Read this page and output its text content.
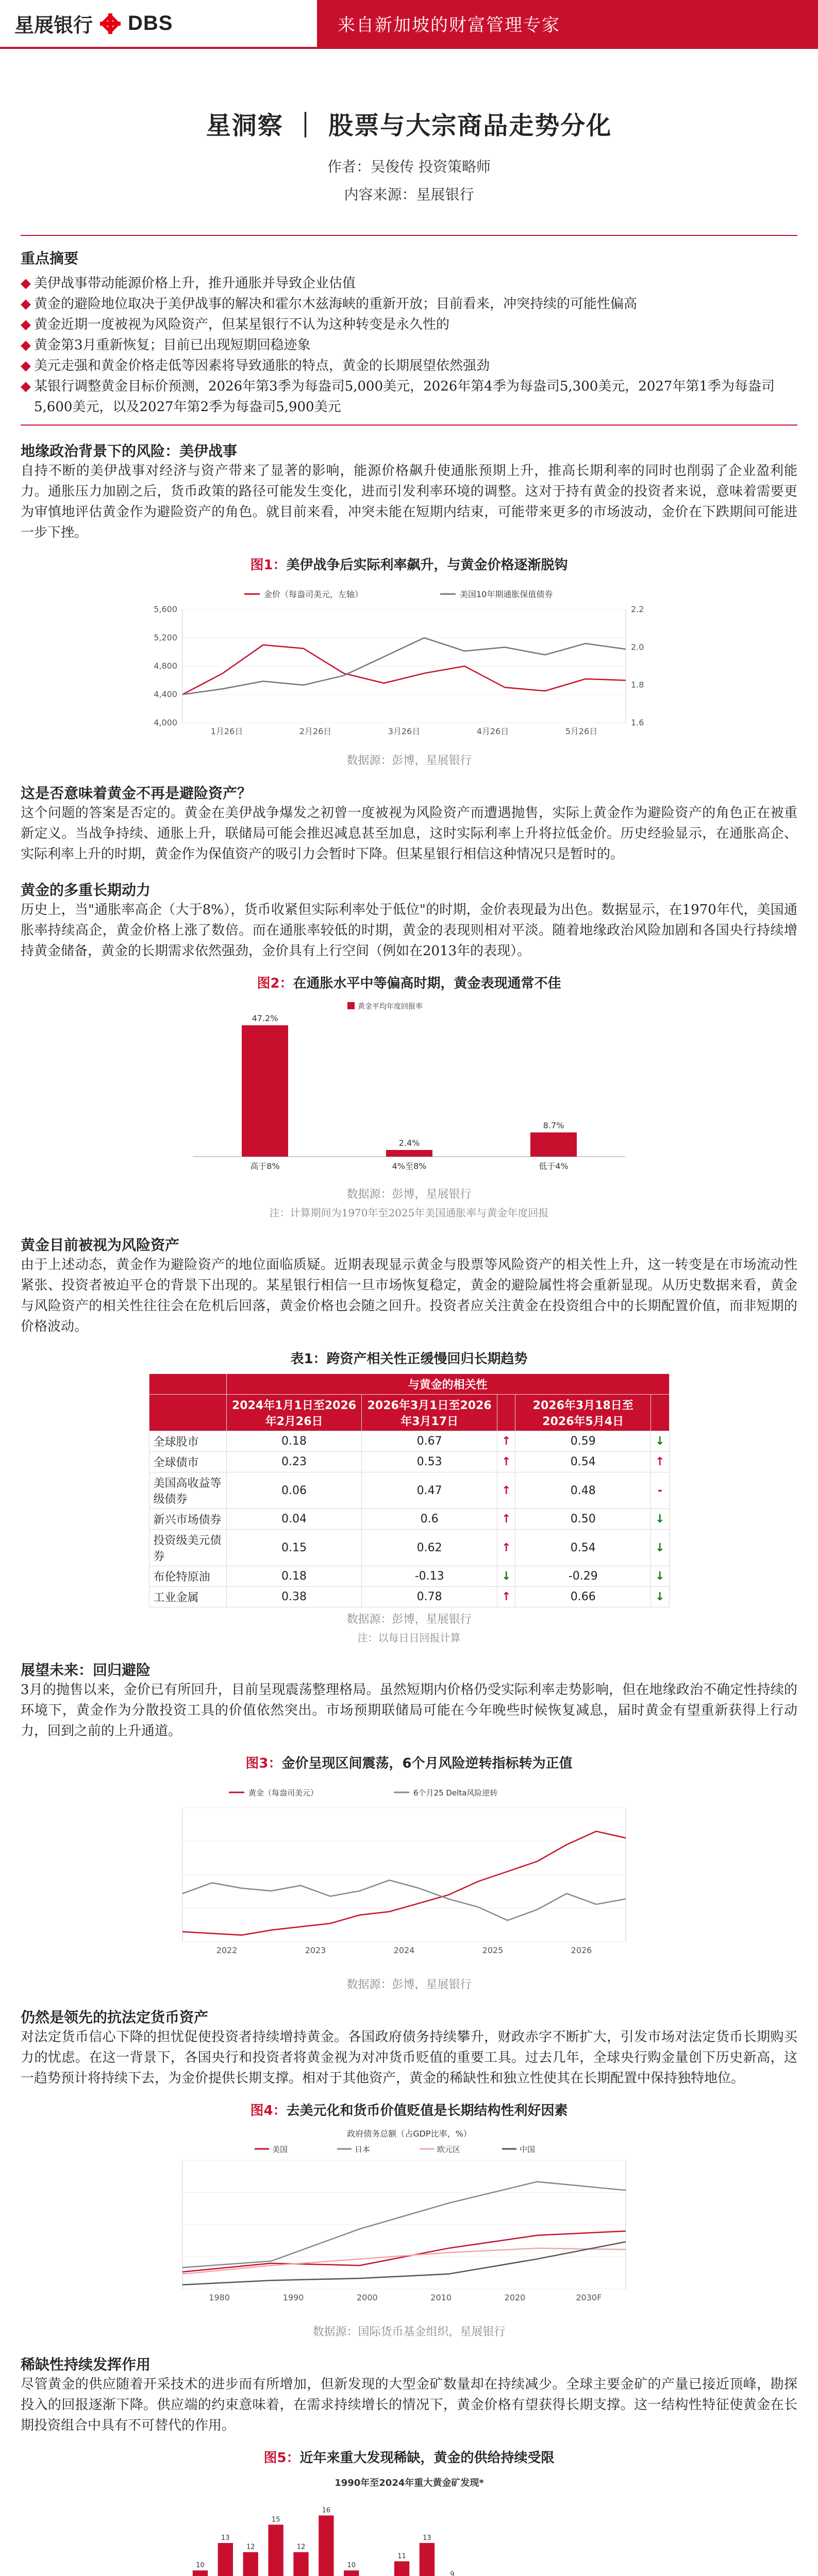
星展银行 DBS	来自新加坡的财富管理专家
星洞察 ｜ 股票与大宗商品走势分化
作者：吴俊传 投资策略师
内容来源：星展银行
重点摘要
◆ 美伊战事带动能源价格上升，推升通胀并导致企业估值
◆ 黄金的避险地位取决于美伊战事的解决和霍尔木兹海峡的重新开放；目前看来，冲突持续的可能性偏高
◆ 黄金近期一度被视为风险资产，但某星银行不认为这种转变是永久性的
◆ 黄金第3月重新恢复；目前已出现短期回稳迹象
◆ 美元走强和黄金价格走低等因素将导致通胀的特点，黄金的长期展望依然强劲
◆ 某银行调整黄金目标价预测，2026年第3季为每盎司5,000美元，2026年第4季为每盎司5,300美元，2027年第1季为每盎司5,600美元，以及2027年第2季为每盎司5,900美元
地缘政治背景下的风险：美伊战事
自持不断的美伊战事对经济与资产带来了显著的影响，能源价格飙升使通胀预期上升，推高长期利率的同时也削弱了企业盈利能力。通胀压力加剧之后，货币政策的路径可能发生变化，进而引发利率环境的调整。这对于持有黄金的投资者来说，意味着需要更为审慎地评估黄金作为避险资产的角色。就目前来看，冲突未能在短期内结束，可能带来更多的市场波动，金价在下跌期间可能进一步下挫。
图1：美伊战争后实际利率飙升，与黄金价格逐渐脱钩
金价（每盎司美元，左轴）	美国10年期通胀保值债券
4,000
4,400
4,800
5,200
5,600
1.6
1.8
2.0
2.2
1月26日	2月26日	3月26日	4月26日	5月26日
数据源：彭博，星展银行
这是否意味着黄金不再是避险资产？
这个问题的答案是否定的。黄金在美伊战争爆发之初曾一度被视为风险资产而遭遇抛售，实际上黄金作为避险资产的角色正在被重新定义。当战争持续、通胀上升，联储局可能会推迟减息甚至加息，这时实际利率上升将拉低金价。历史经验显示，在通胀高企、实际利率上升的时期，黄金作为保值资产的吸引力会暂时下降。但某星银行相信这种情况只是暂时的。
黄金的多重长期动力
历史上，当"通胀率高企（大于8%），货币收紧但实际利率处于低位"的时期，金价表现最为出色。数据显示，在1970年代，美国通胀率持续高企，黄金价格上涨了数倍。而在通胀率较低的时期，黄金的表现则相对平淡。随着地缘政治风险加剧和各国央行持续增持黄金储备，黄金的长期需求依然强劲，金价具有上行空间（例如在2013年的表现）。
图2：在通胀水平中等偏高时期，黄金表现通常不佳
黄金平均年度回报率
47.2%
高于8%
2.4%
4%至8%
8.7%
低于4%
数据源：彭博，星展银行
注：计算期间为1970年至2025年美国通胀率与黄金年度回报
黄金目前被视为风险资产
由于上述动态，黄金作为避险资产的地位面临质疑。近期表现显示黄金与股票等风险资产的相关性上升，这一转变是在市场流动性紧张、投资者被迫平仓的背景下出现的。某星银行相信一旦市场恢复稳定，黄金的避险属性将会重新显现。从历史数据来看，黄金与风险资产的相关性往往会在危机后回落，黄金价格也会随之回升。投资者应关注黄金在投资组合中的长期配置价值，而非短期的价格波动。
表1：跨资产相关性正缓慢回归长期趋势
	与黄金的相关性				
	2024年1月1日至2026年2月26日	2026年3月1日至2026年3月17日		2026年3月18日至2026年5月4日	
全球股市	0.18	0.67	↑	0.59	↓
全球债市	0.23	0.53	↑	0.54	↑
美国高收益等级债券	0.06	0.47	↑	0.48	-
新兴市场债券	0.04	0.6	↑	0.50	↓
投资级美元债券	0.15	0.62	↑	0.54	↓
布伦特原油	0.18	-0.13	↓	-0.29	↓
工业金属	0.38	0.78	↑	0.66	↓
数据源：彭博，星展银行
注：以每日日回报计算
展望未来：回归避险
3月的抛售以来，金价已有所回升，目前呈现震荡整理格局。虽然短期内价格仍受实际利率走势影响，但在地缘政治不确定性持续的环境下，黄金作为分散投资工具的价值依然突出。市场预期联储局可能在今年晚些时候恢复减息，届时黄金有望重新获得上行动力，回到之前的上升通道。
图3：金价呈现区间震荡，6个月风险逆转指标转为正值
黄金（每盎司美元）	6个月25 Delta风险逆转
2022	2023	2024	2025	2026
数据源：彭博，星展银行
仍然是领先的抗法定货币资产
对法定货币信心下降的担忧促使投资者持续增持黄金。各国政府债务持续攀升，财政赤字不断扩大，引发市场对法定货币长期购买力的忧虑。在这一背景下，各国央行和投资者将黄金视为对冲货币贬值的重要工具。过去几年，全球央行购金量创下历史新高，这一趋势预计将持续下去，为金价提供长期支撑。相对于其他资产，黄金的稀缺性和独立性使其在长期配置中保持独特地位。
图4：去美元化和货币价值贬值是长期结构性利好因素
政府债务总额（占GDP比率，%）
美国	日本	欧元区	中国
1980	1990	2000	2010	2020	2030F
数据源：国际货币基金组织，星展银行
稀缺性持续发挥作用
尽管黄金的供应随着开采技术的进步而有所增加，但新发现的大型金矿数量却在持续减少。全球主要金矿的产量已接近顶峰，勘探投入的回报逐渐下降。供应端的约束意味着，在需求持续增长的情况下，黄金价格有望获得长期支撑。这一结构性特征使黄金在长期投资组合中具有不可替代的作用。
图5：近年来重大发现稀缺，黄金的供给持续受限
1990年至2024年重大黄金矿发现*
10
13
12
15
12
16
10
11
13
9
